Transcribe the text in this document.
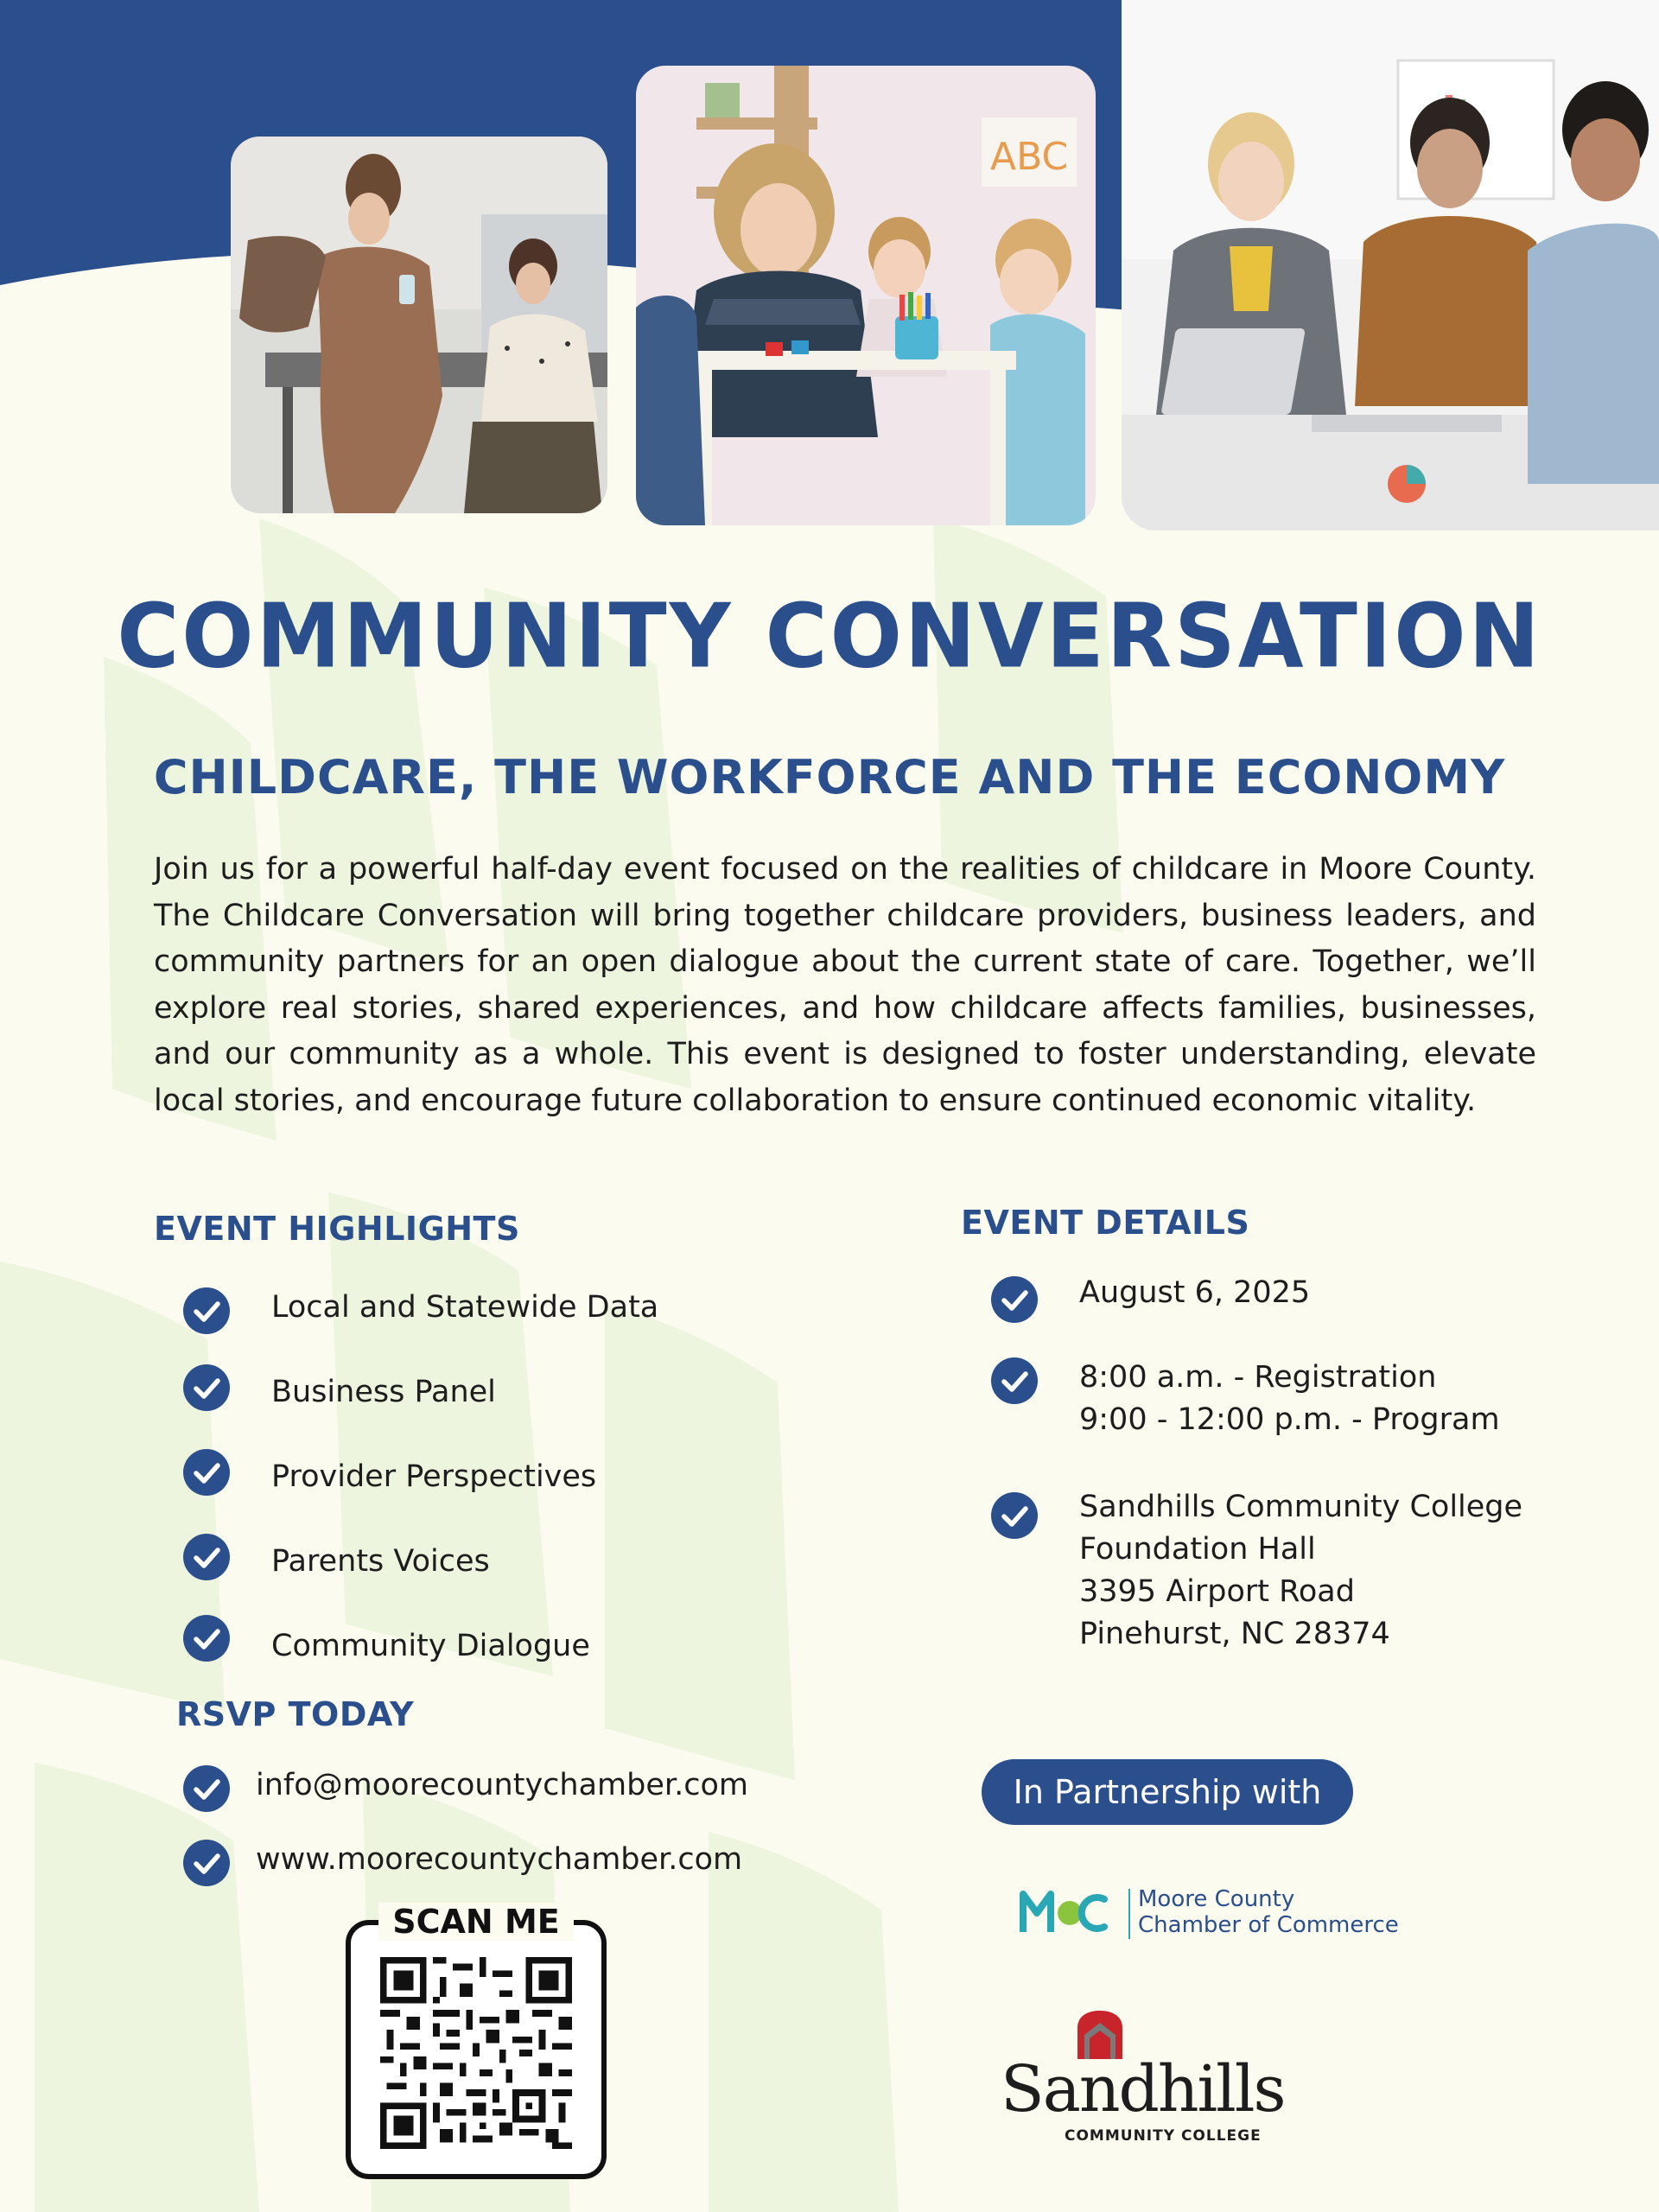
ABC
COMMUNITY CONVERSATION
CHILDCARE, THE WORKFORCE AND THE ECONOMY

Join us for a powerful half-day event focused on the realities of childcare in Moore County. The Childcare Conversation will bring together childcare providers, business leaders, and community partners for an open dialogue about the current state of care. Together, we’ll explore real stories, shared experiences, and how childcare affects families, businesses, and our community as a whole. This event is designed to foster understanding, elevate local stories, and encourage future collaboration to ensure continued economic vitality.

EVENT HIGHLIGHTS
Local and Statewide Data
Business Panel
Provider Perspectives
Parents Voices
Community Dialogue
RSVP TODAY
info@moorecountychamber.com
www.moorecountychamber.com
SCAN ME
EVENT DETAILS
August 6, 2025
8:00 a.m. - Registration
9:00 - 12:00 p.m. - Program
Sandhills Community College
Foundation Hall
3395 Airport Road
Pinehurst, NC 28374
In Partnership with
Moore County
Chamber of Commerce
Sandhills
COMMUNITY COLLEGE
